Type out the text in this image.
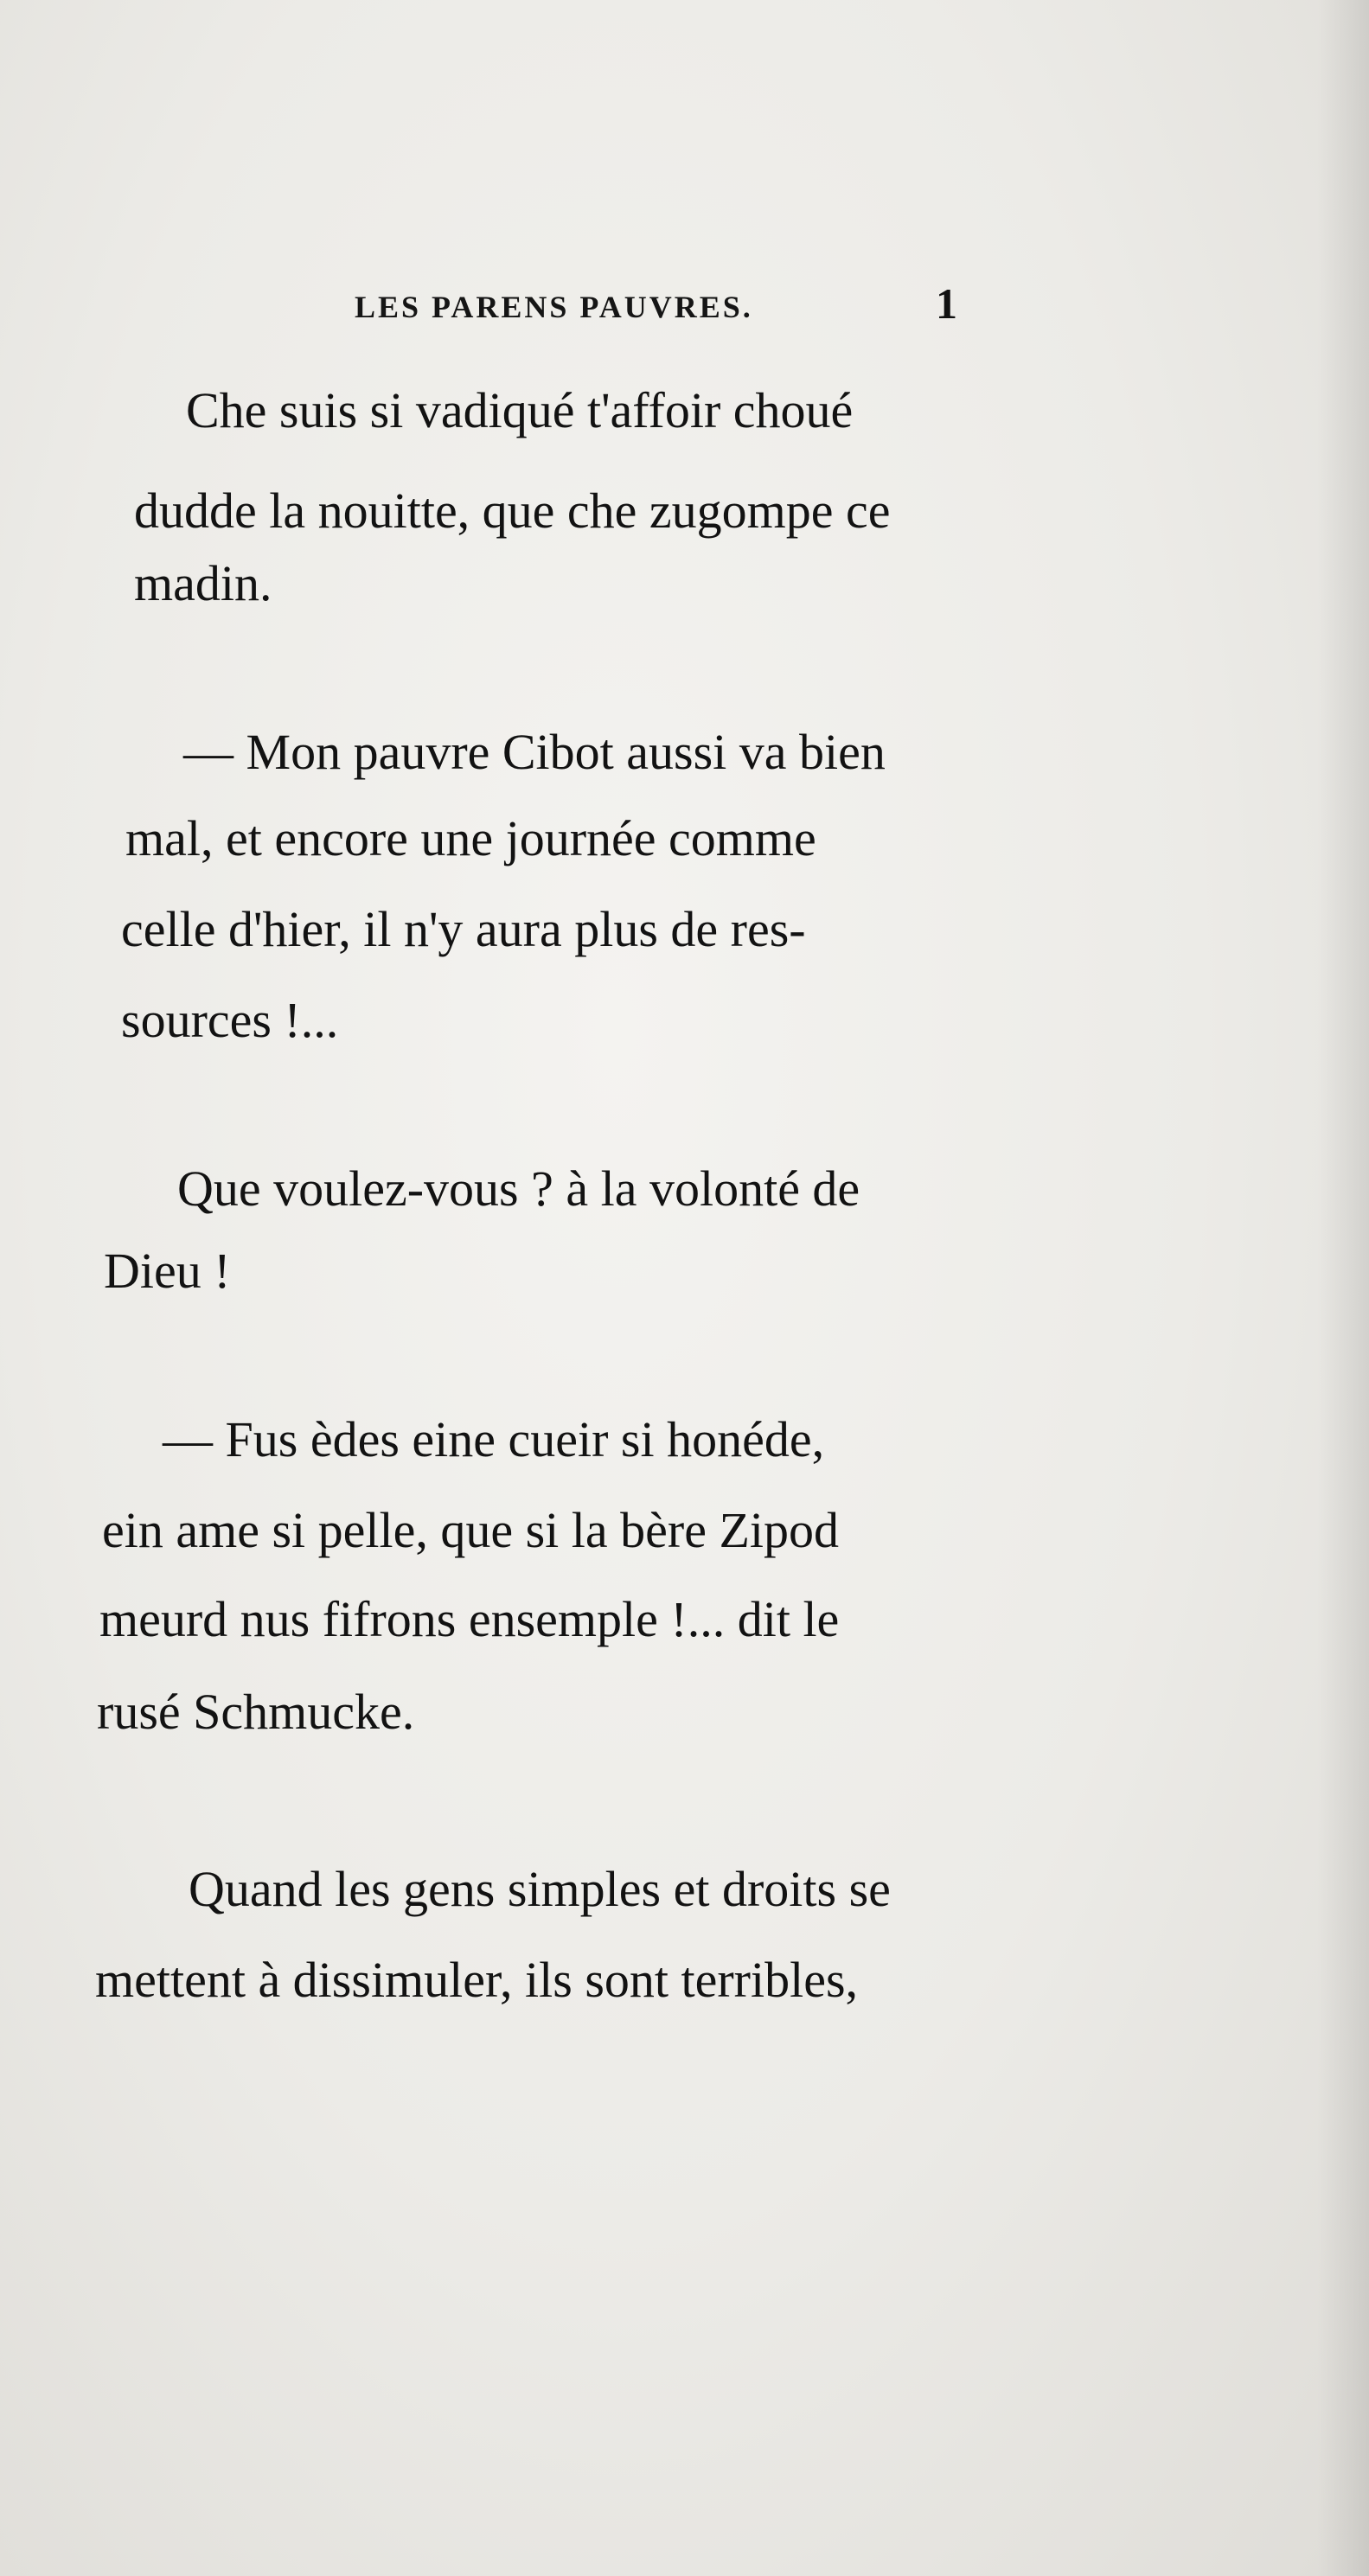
LES PARENS PAUVRES.	1
Che suis si vadiqué t'affoir choué
dudde la nouitte, que che zugompe ce
madin.
— Mon pauvre Cibot aussi va bien
mal, et encore une journée comme
celle d'hier, il n'y aura plus de res-
sources !...
Que voulez-vous ? à la volonté de
Dieu !
— Fus èdes eine cueir si honéde,
ein ame si pelle, que si la bère Zipod
meurd nus fifrons ensemple !... dit le
rusé Schmucke.
Quand les gens simples et droits se
mettent à dissimuler, ils sont terribles,
